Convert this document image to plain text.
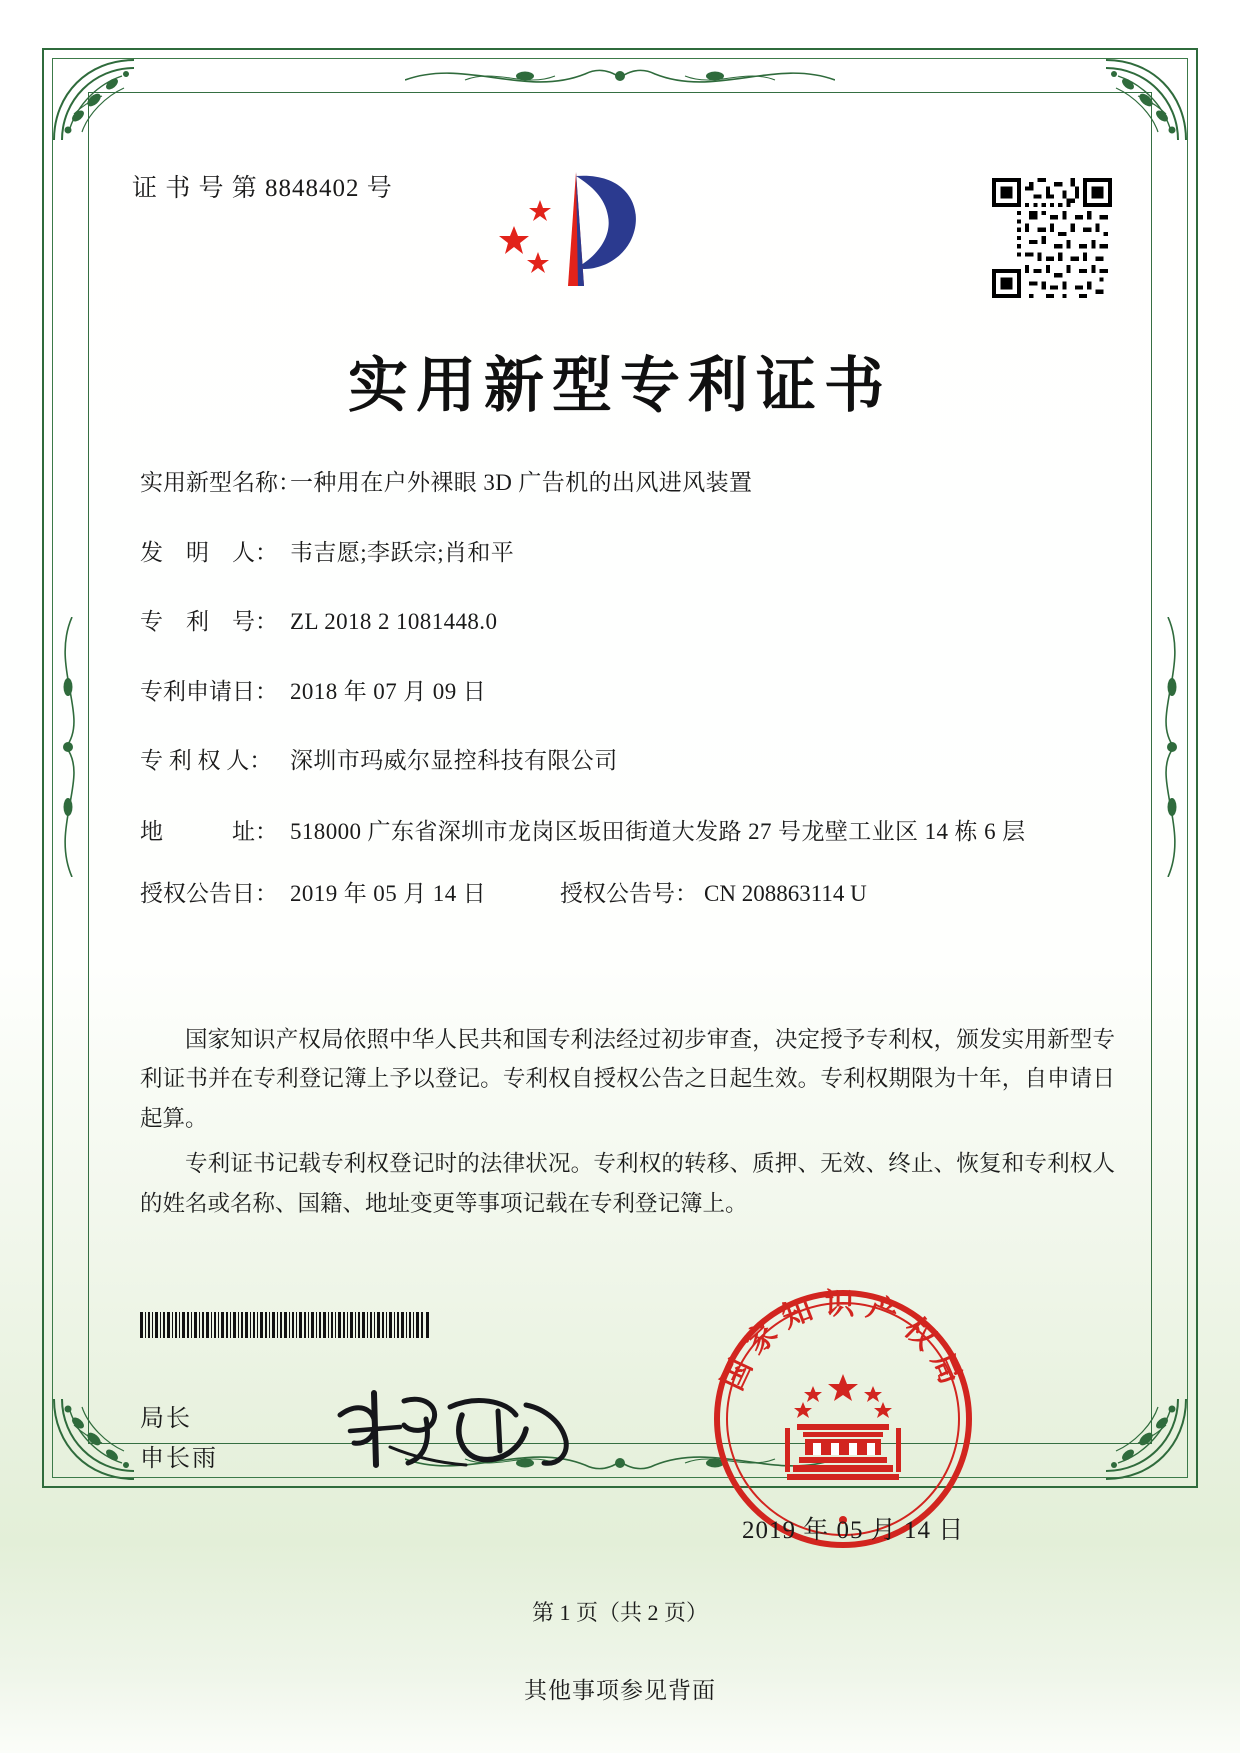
证 书 号 第 8848402 号
实用新型专利证书
实用新型名称：
一种用在户外裸眼 3D 广告机的出风进风装置
发　明　人： 韦吉愿;李跃宗;肖和平
专　利　号： ZL 2018 2 1081448.0
专利申请日： 2018 年 07 月 09 日
专 利 权 人： 深圳市玛威尔显控科技有限公司
地　　　址： 518000 广东省深圳市龙岗区坂田街道大发路 27 号龙壁工业区 14 栋 6 层
授权公告日： 2019 年 05 月 14 日	授权公告号： CN 208863114 U

国家知识产权局依照中华人民共和国专利法经过初步审查，决定授予专利权，颁发实用新型专利证书并在专利登记簿上予以登记。专利权自授权公告之日起生效。专利权期限为十年，自申请日起算。

专利证书记载专利权登记时的法律状况。专利权的转移、质押、无效、终止、恢复和专利权人的姓名或名称、国籍、地址变更等事项记载在专利登记簿上。

局长
申长雨
国家知识产权局
2019 年 05 月 14 日
第 1 页（共 2 页）
其他事项参见背面
